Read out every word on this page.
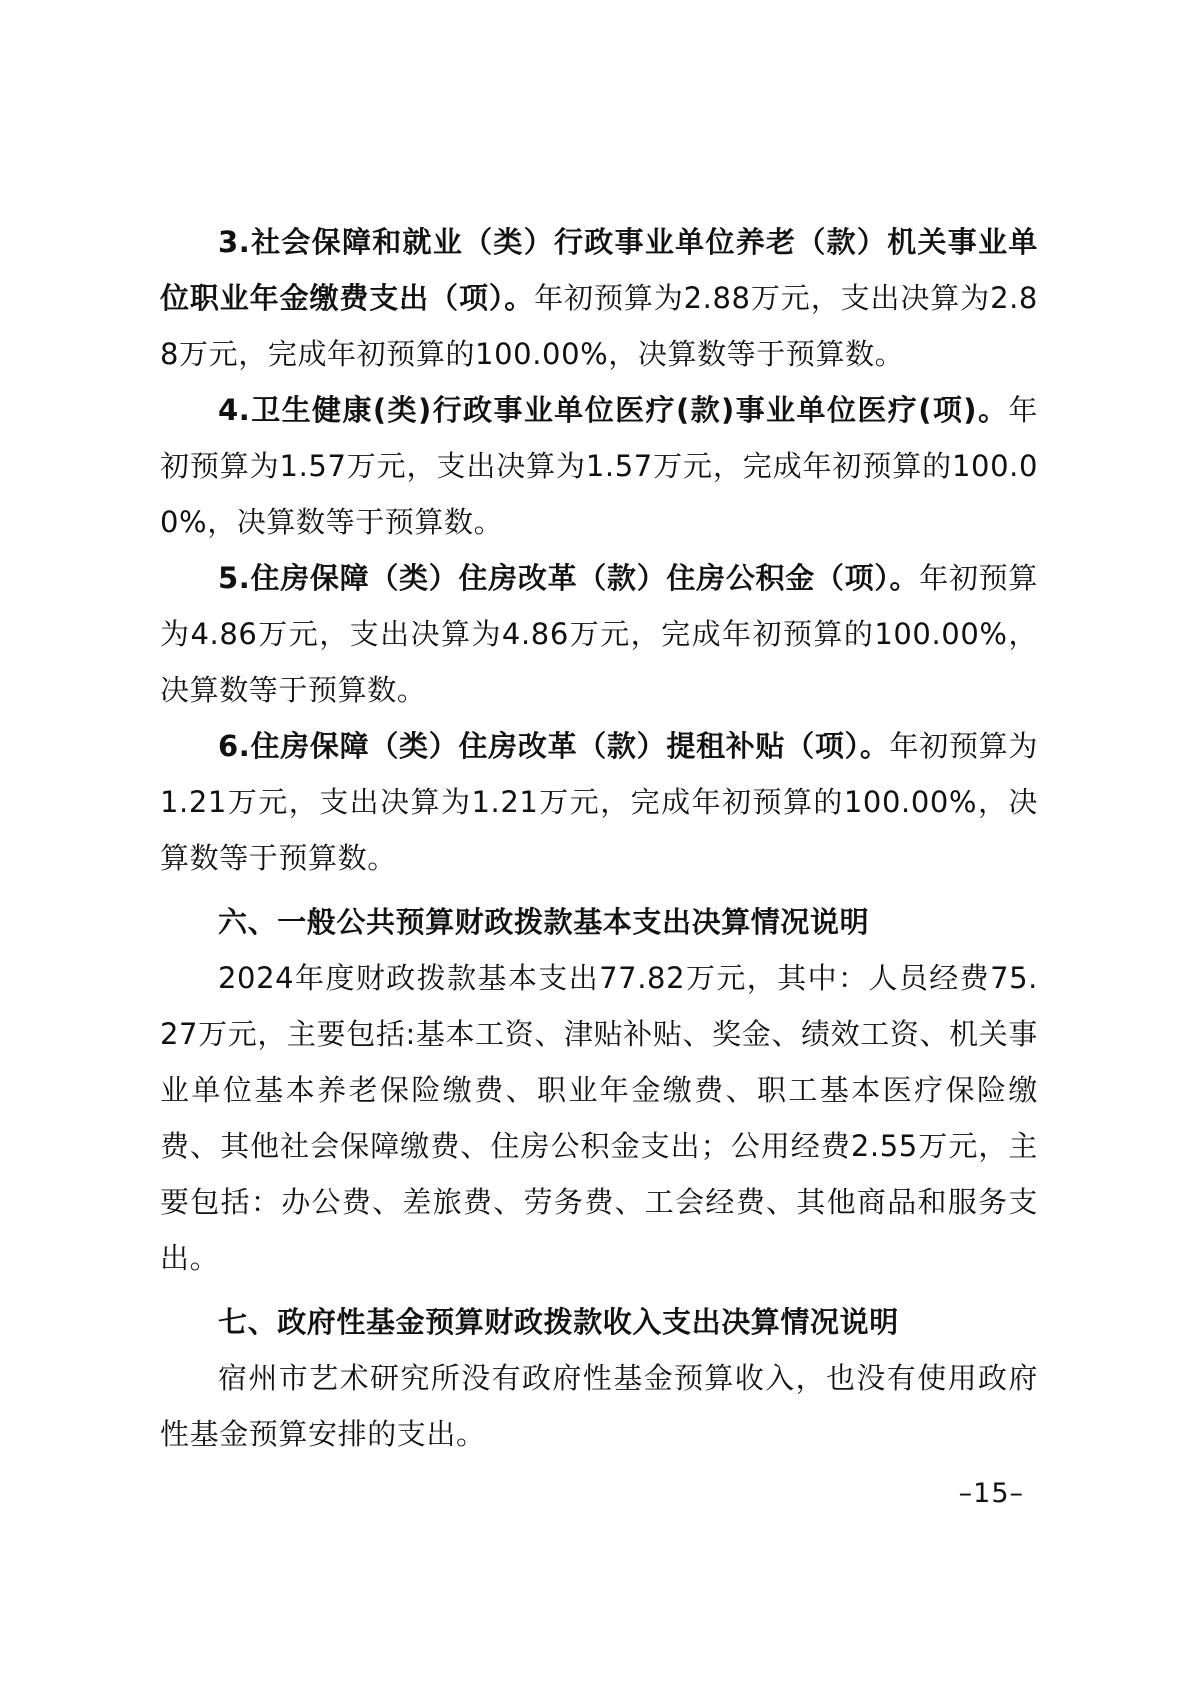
3.社会保障和就业（类）行政事业单位养老（款）机关事业单位职业年金缴费支出（项）。年初预算为2.88万元，支出决算为2.88万元，完成年初预算的100.00%，决算数等于预算数。

4.卫生健康(类)行政事业单位医疗(款)事业单位医疗(项)。年初预算为1.57万元，支出决算为1.57万元，完成年初预算的100.00%，决算数等于预算数。

5.住房保障（类）住房改革（款）住房公积金（项）。年初预算为4.86万元，支出决算为4.86万元，完成年初预算的100.00%，决算数等于预算数。

6.住房保障（类）住房改革（款）提租补贴（项）。年初预算为1.21万元，支出决算为1.21万元，完成年初预算的100.00%，决算数等于预算数。

六、一般公共预算财政拨款基本支出决算情况说明

2024年度财政拨款基本支出77.82万元，其中：人员经费75.27万元，主要包括:基本工资、津贴补贴、奖金、绩效工资、机关事业单位基本养老保险缴费、职业年金缴费、职工基本医疗保险缴费、其他社会保障缴费、住房公积金支出；公用经费2.55万元，主要包括：办公费、差旅费、劳务费、工会经费、其他商品和服务支出。

七、政府性基金预算财政拨款收入支出决算情况说明

宿州市艺术研究所没有政府性基金预算收入，也没有使用政府性基金预算安排的支出。

–15–
